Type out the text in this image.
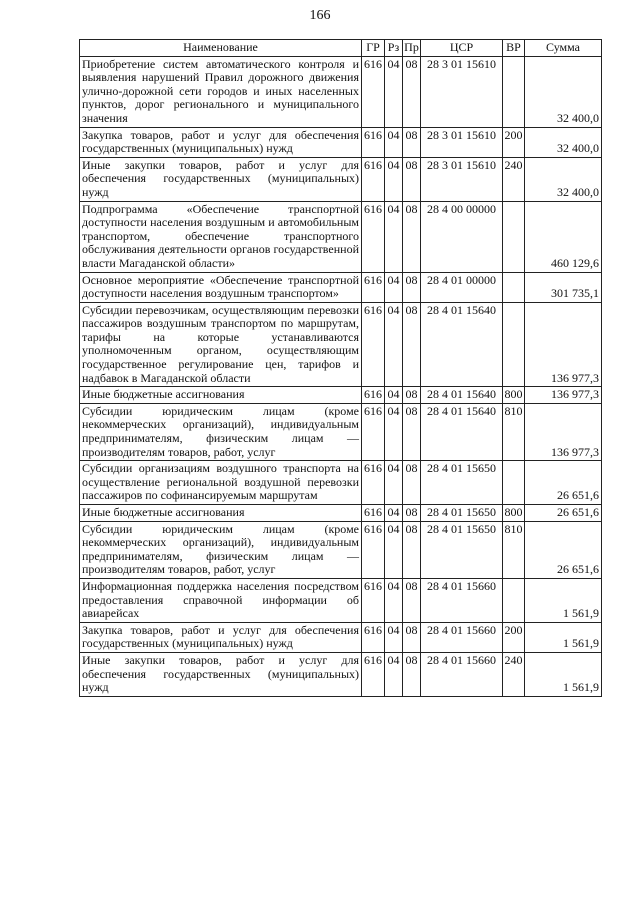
166
Наименование	ГР	Рз	Пр	ЦСР	ВР	Сумма
Приобретение систем автоматического контроля и выявления нарушений Правил дорожного движения улично-дорожной сети городов и иных населенных пунктов, дорог регионального и муниципального значения	616	04	08	28 3 01 15610		32 400,0
Закупка товаров, работ и услуг для обеспечения государственных (муниципальных) нужд	616	04	08	28 3 01 15610	200	32 400,0
Иные закупки товаров, работ и услуг для обеспечения государственных (муниципальных) нужд	616	04	08	28 3 01 15610	240	32 400,0
Подпрограмма «Обеспечение транспортной доступности населения воздушным и автомобильным транспортом, обеспечение транспортного обслуживания деятельности органов государственной власти Магаданской области»	616	04	08	28 4 00 00000		460 129,6
Основное мероприятие «Обеспечение транспортной доступности населения воздушным транспортом»	616	04	08	28 4 01 00000		301 735,1
Субсидии перевозчикам, осуществляющим перевозки пассажиров воздушным транспортом по маршрутам, тарифы на которые устанавливаются уполномоченным органом, осуществляющим государственное регулирование цен, тарифов и надбавок в Магаданской области	616	04	08	28 4 01 15640		136 977,3
Иные бюджетные ассигнования	616	04	08	28 4 01 15640	800	136 977,3
Субсидии юридическим лицам (кроме некоммерческих организаций), индивидуальным предпринимателям, физическим лицам — производителям товаров, работ, услуг	616	04	08	28 4 01 15640	810	136 977,3
Субсидии организациям воздушного транспорта на осуществление региональной воздушной перевозки пассажиров по софинансируемым маршрутам	616	04	08	28 4 01 15650		26 651,6
Иные бюджетные ассигнования	616	04	08	28 4 01 15650	800	26 651,6
Субсидии юридическим лицам (кроме некоммерческих организаций), индивидуальным предпринимателям, физическим лицам — производителям товаров, работ, услуг	616	04	08	28 4 01 15650	810	26 651,6
Информационная поддержка населения посредством предоставления справочной информации об авиарейсах	616	04	08	28 4 01 15660		1 561,9
Закупка товаров, работ и услуг для обеспечения государственных (муниципальных) нужд	616	04	08	28 4 01 15660	200	1 561,9
Иные закупки товаров, работ и услуг для обеспечения государственных (муниципальных) нужд	616	04	08	28 4 01 15660	240	1 561,9
